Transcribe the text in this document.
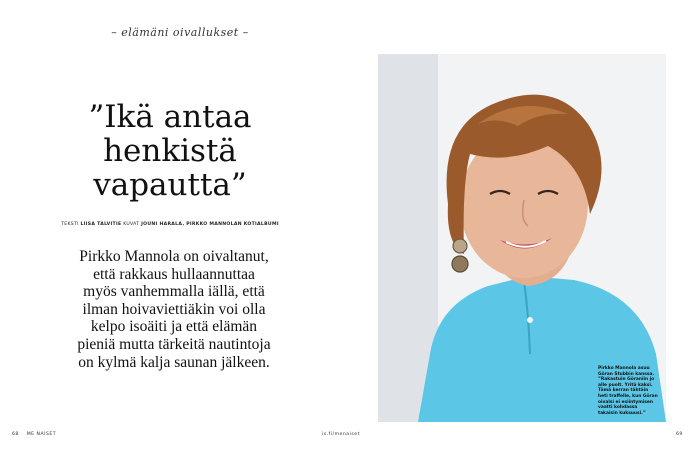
– elämäni oivallukset –
”Ikä antaa
henkistä
vapautta”
TEKSTI LIISA TALVITIE KUVAT JOUNI HARALA, PIRKKO MANNOLAN KOTIALBUMI
Pirkko Mannola on oivaltanut,
että rakkaus hullaannuttaa
myös vanhemmalla iällä, että
ilman hoivaviettiäkin voi olla
kelpo isoäiti ja että elämän
pieniä mutta tärkeitä nautintoja
on kylmä kalja saunan jälkeen.
68 ME NAISET	is.fi/menaiset
Pirkko Mannola asuu Göran Stubbin kanssa. ”Rakastuin Göraniin jo alle puolt. Yritä kaksi. Tämä kerran tähtäin heti traffelle, kun Göran oivalsi ei esiintymisen vaatti kohdassa takaisin kuksuusi.”
69
